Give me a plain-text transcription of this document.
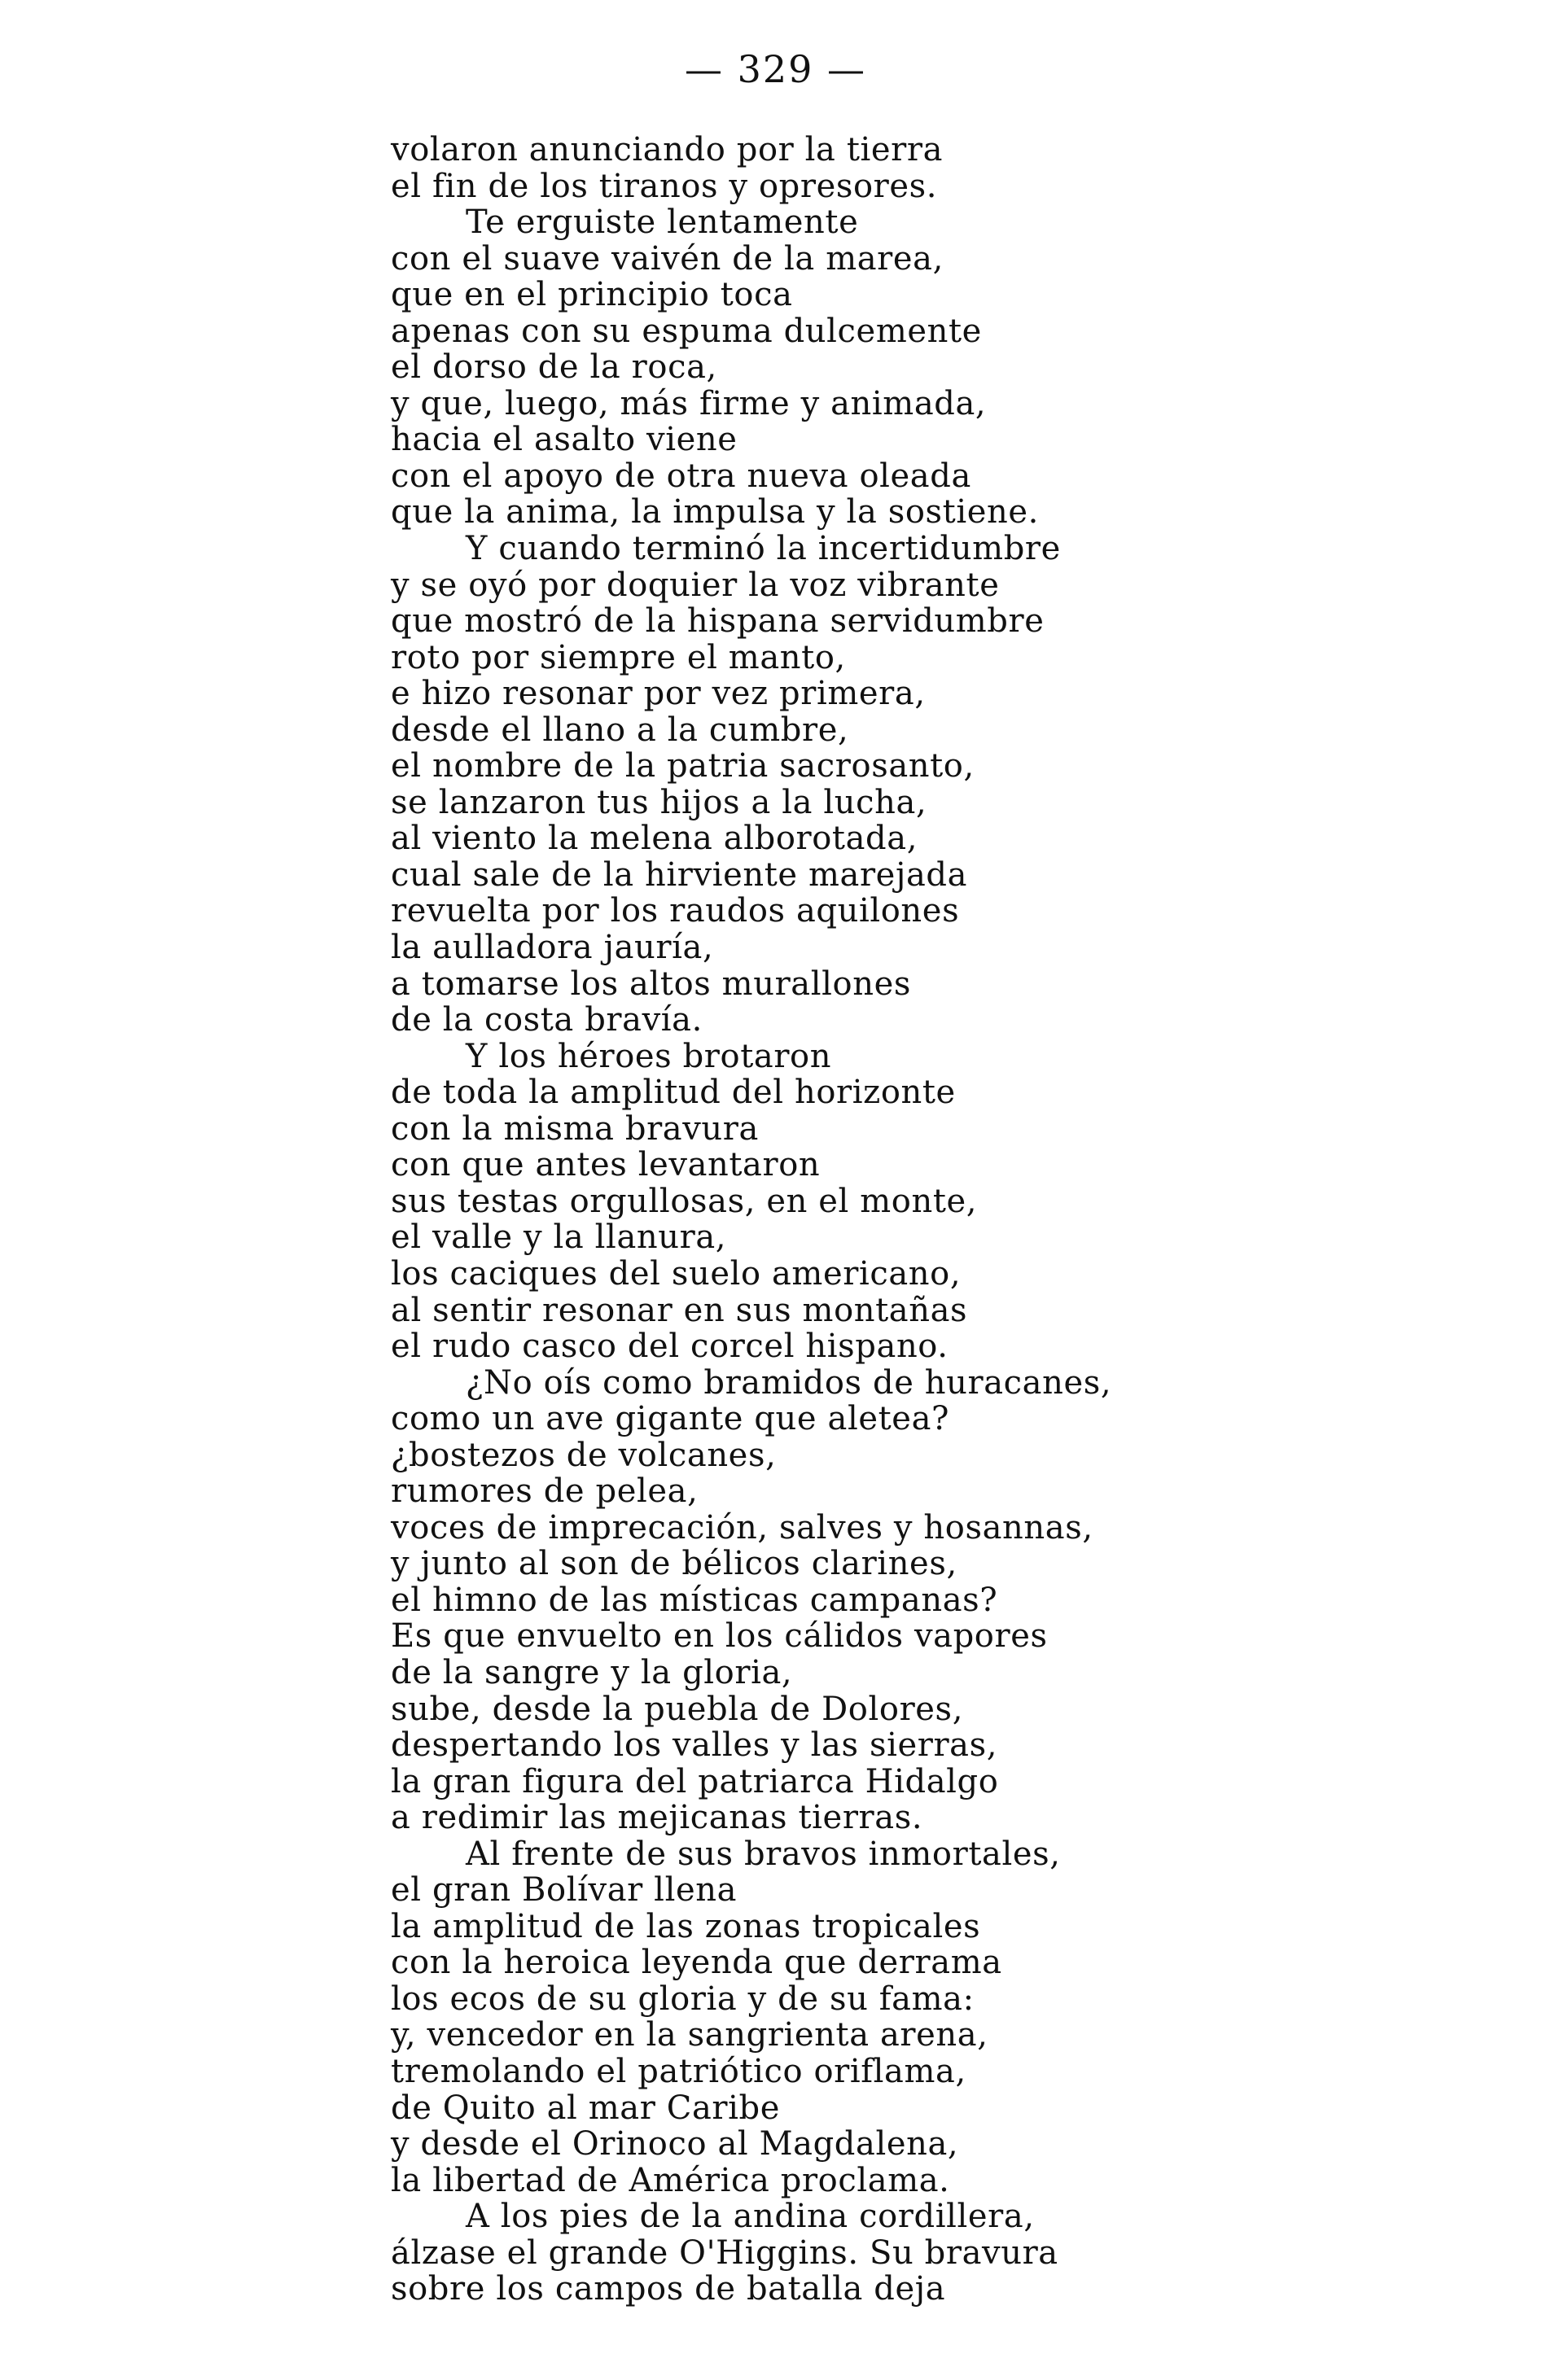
— 329 —
volaron anunciando por la tierra
el fin de los tiranos y opresores.
Te erguiste lentamente
con el suave vaivén de la marea,
que en el principio toca
apenas con su espuma dulcemente
el dorso de la roca,
y que, luego, más firme y animada,
hacia el asalto viene
con el apoyo de otra nueva oleada
que la anima, la impulsa y la sostiene.
Y cuando terminó la incertidumbre
y se oyó por doquier la voz vibrante
que mostró de la hispana servidumbre
roto por siempre el manto,
e hizo resonar por vez primera,
desde el llano a la cumbre,
el nombre de la patria sacrosanto,
se lanzaron tus hijos a la lucha,
al viento la melena alborotada,
cual sale de la hirviente marejada
revuelta por los raudos aquilones
la aulladora jauría,
a tomarse los altos murallones
de la costa bravía.
Y los héroes brotaron
de toda la amplitud del horizonte
con la misma bravura
con que antes levantaron
sus testas orgullosas, en el monte,
el valle y la llanura,
los caciques del suelo americano,
al sentir resonar en sus montañas
el rudo casco del corcel hispano.
¿No oís como bramidos de huracanes,
como un ave gigante que aletea?
¿bostezos de volcanes,
rumores de pelea,
voces de imprecación, salves y hosannas,
y junto al son de bélicos clarines,
el himno de las místicas campanas?
Es que envuelto en los cálidos vapores
de la sangre y la gloria,
sube, desde la puebla de Dolores,
despertando los valles y las sierras,
la gran figura del patriarca Hidalgo
a redimir las mejicanas tierras.
Al frente de sus bravos inmortales,
el gran Bolívar llena
la amplitud de las zonas tropicales
con la heroica leyenda que derrama
los ecos de su gloria y de su fama:
y, vencedor en la sangrienta arena,
tremolando el patriótico oriflama,
de Quito al mar Caribe
y desde el Orinoco al Magdalena,
la libertad de América proclama.
A los pies de la andina cordillera,
álzase el grande O'Higgins. Su bravura
sobre los campos de batalla deja
